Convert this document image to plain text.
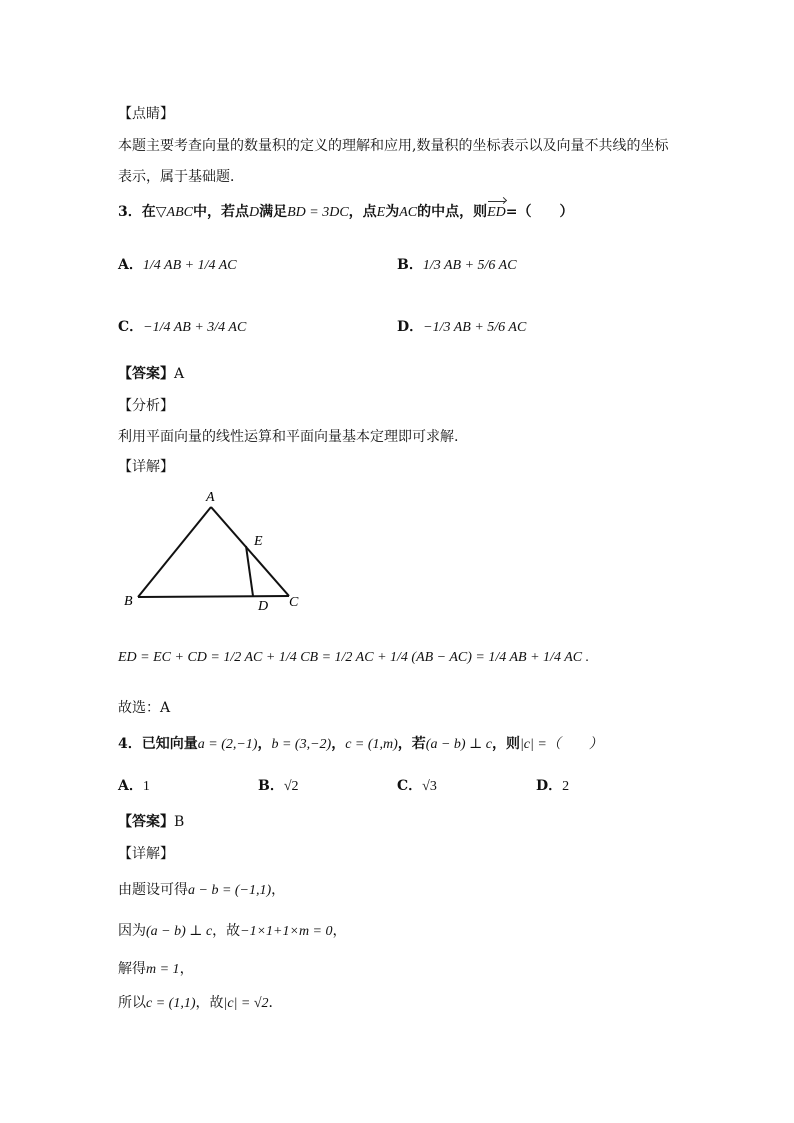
【点睛】
本题主要考查向量的数量积的定义的理解和应用,数量积的坐标表示以及向量不共线的坐标
表示，属于基础题．
3．在▽ABC中，若点D满足BD = 3DC，点E为AC的中点，则ED=（　　）
A．1/4 AB + 1/4 AC	B．1/3 AB + 5/6 AC
C．−1/4 AB + 3/4 AC	D．−1/3 AB + 5/6 AC
【答案】A
【分析】
利用平面向量的线性运算和平面向量基本定理即可求解.
【详解】
A
B	C
D
E
ED = EC + CD = 1/2 AC + 1/4 CB = 1/2 AC + 1/4 (AB − AC) = 1/4 AB + 1/4 AC .
故选：A
4．已知向量a = (2,−1)，b = (3,−2)，c = (1,m)，若(a − b) ⊥ c，则|c| =（　　）
A．1	B．√2	C．√3	D．2
【答案】B
【详解】
由题设可得a − b = (−1,1)，
因为(a − b) ⊥ c，故−1×1+1×m = 0，
解得m = 1，
所以c = (1,1)，故|c| = √2．
